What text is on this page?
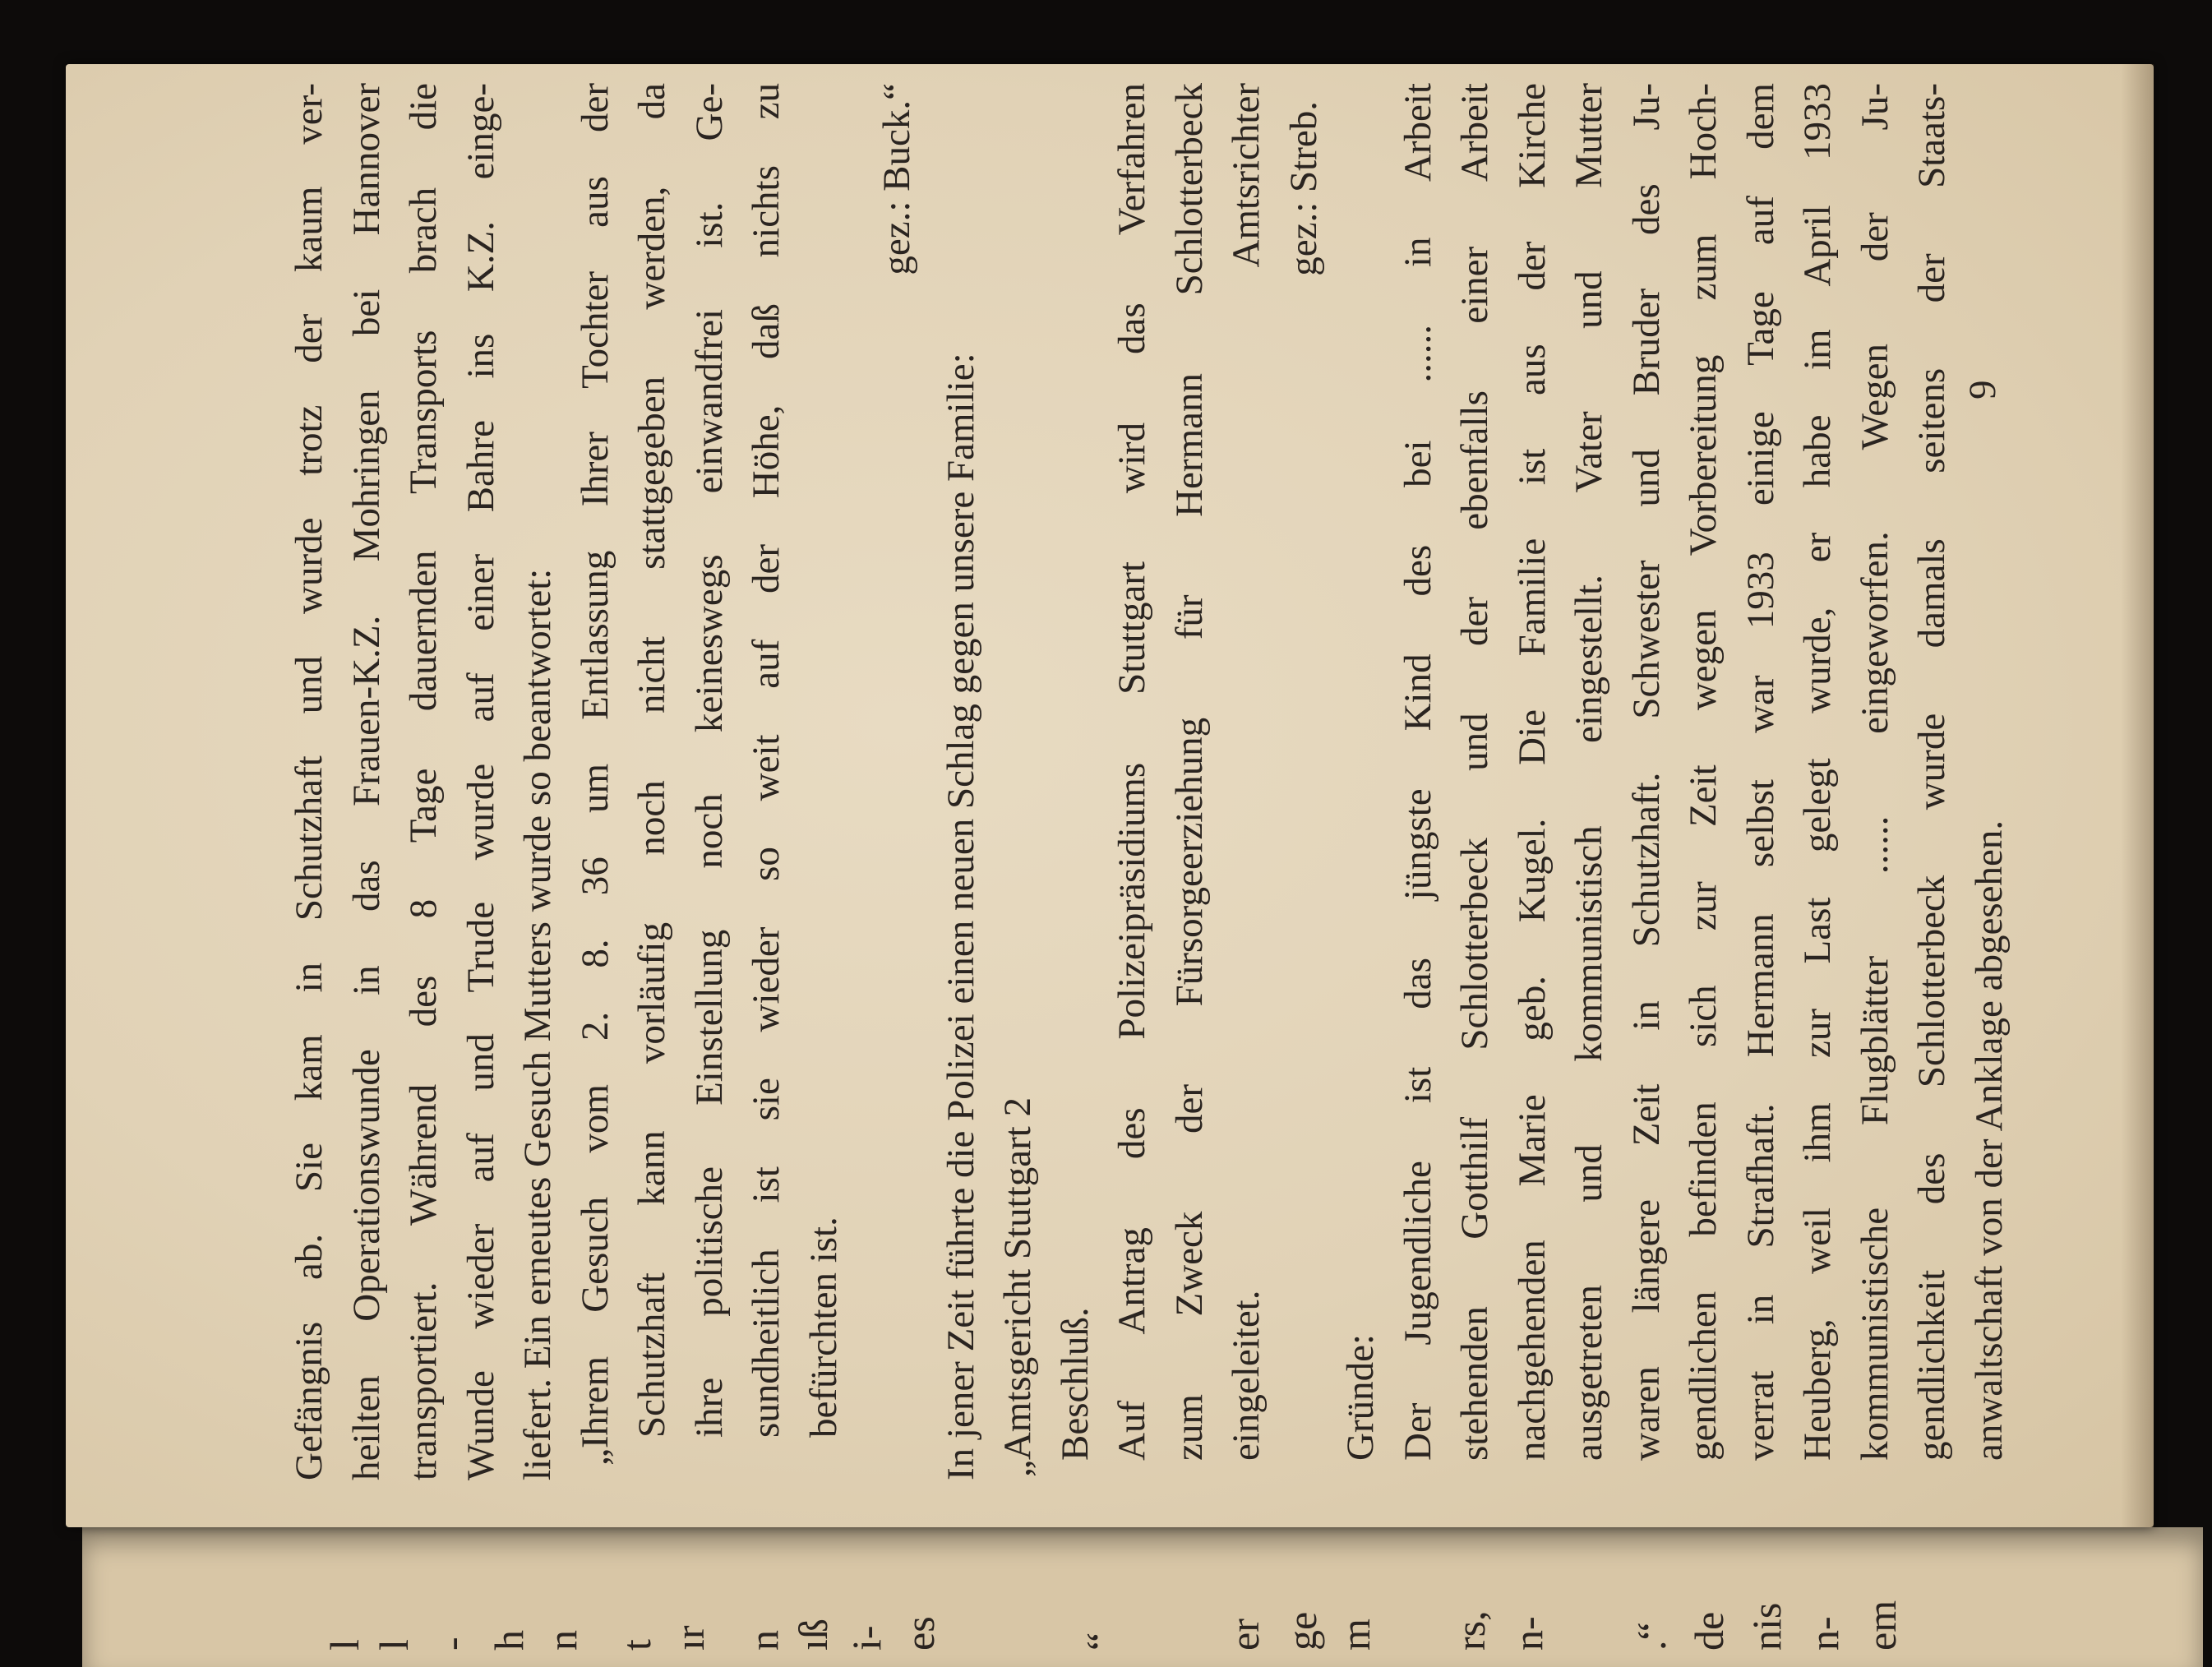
l l - h n t ır n ıß i- es	“ er ge m rs, n- .“ de nis n- em
Gefängnis ab. Sie kam in Schutzhaft und wurde trotz der kaum ver- heilten Operationswunde in das Frauen-K.Z. Mohringen bei Hannover transportiert. Während des 8 Tage dauernden Transports brach die Wunde wieder auf und Trude wurde auf einer Bahre ins K.Z. einge- liefert. Ein erneutes Gesuch Mutters wurde so beantwortet: „Ihrem Gesuch vom 2. 8. 36 um Entlassung Ihrer Tochter aus der Schutzhaft kann vorläufig noch nicht stattgegeben werden, da ihre politische Einstellung noch keineswegs einwandfrei ist. Ge- sundheitlich ist sie wieder so weit auf der Höhe, daß nichts zu befürchten ist.
gez.: Buck.“
In jener Zeit führte die Polizei einen neuen Schlag gegen unsere Familie: „Amtsgericht Stuttgart 2 Beschluß. Auf Antrag des Polizeipräsidiums Stuttgart wird das Verfahren zum Zweck der Fürsorgeerziehung für Hermann Schlotterbeck eingeleitet.
Amtsrichter gez.: Streb.
Gründe: Der Jugendliche ist das jüngste Kind des bei ...... in Arbeit stehenden Gotthilf Schlotterbeck und der ebenfalls einer Arbeit nachgehenden Marie geb. Kugel. Die Familie ist aus der Kirche ausgetreten und kommunistisch eingestellt. Vater und Mutter waren längere Zeit in Schutzhaft. Schwester und Bruder des Ju- gendlichen befinden sich zur Zeit wegen Vorbereitung zum Hoch- verrat in Strafhaft. Hermann selbst war 1933 einige Tage auf dem Heuberg, weil ihm zur Last gelegt wurde, er habe im April 1933 kommunistische Flugblätter ...... eingeworfen. Wegen der Ju- gendlichkeit des Schlotterbeck wurde damals seitens der Staats- anwaltschaft von der Anklage abgesehen.
9
